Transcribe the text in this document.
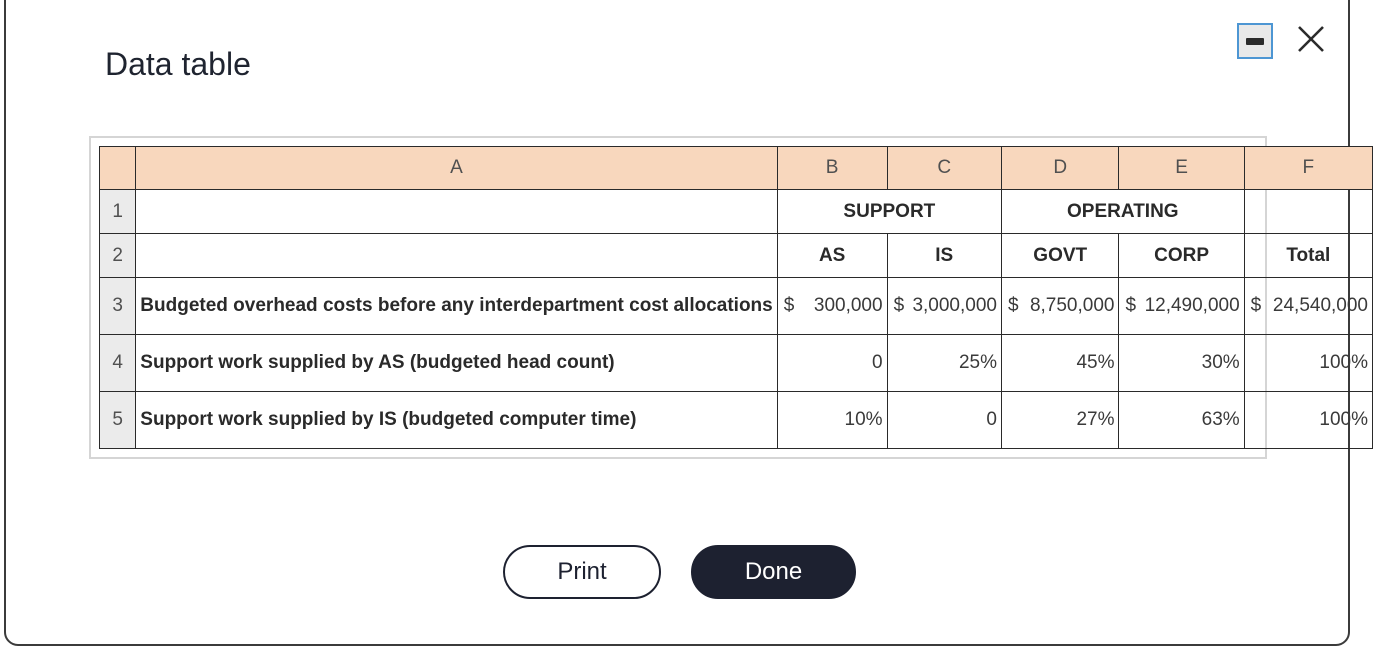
Data table
	A	B	C	D	E	F
1		SUPPORT		OPERATING		
2		AS	IS	GOVT	CORP	Total
3	Budgeted overhead costs before any interdepartment cost allocations	$ 300,000	$ 3,000,000	$ 8,750,000	$ 12,490,000	$ 24,540,000
4	Support work supplied by AS (budgeted head count)	0	25%	45%	30%	100%
5	Support work supplied by IS (budgeted computer time)	10%	0	27%	63%	100%
Print	Done
